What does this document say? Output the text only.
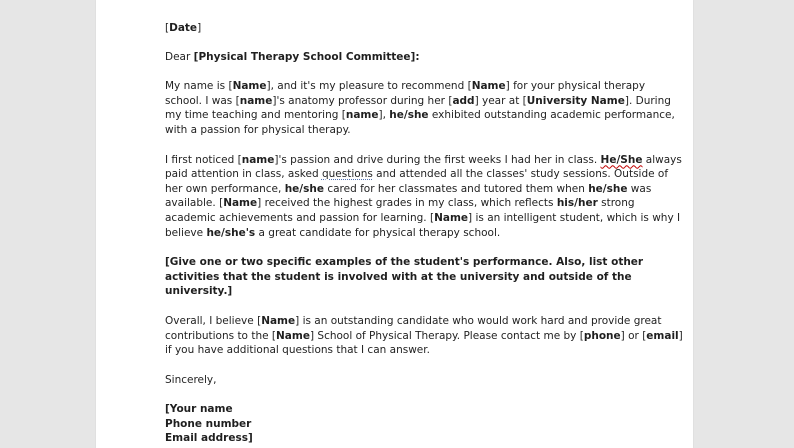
[Date]

Dear [Physical Therapy School Committee]:

My name is [Name], and it's my pleasure to recommend [Name] for your physical therapy school. I was [name]'s anatomy professor during her [add] year at [University Name]. During my time teaching and mentoring [name], he/she exhibited outstanding academic performance, with a passion for physical therapy.

I first noticed [name]'s passion and drive during the first weeks I had her in class. He/She always paid attention in class, asked questions and attended all the classes' study sessions. Outside of her own performance, he/she cared for her classmates and tutored them when he/she was available. [Name] received the highest grades in my class, which reflects his/her strong academic achievements and passion for learning. [Name] is an intelligent student, which is why I believe he/she's a great candidate for physical therapy school.

[Give one or two specific examples of the student's performance. Also, list other activities that the student is involved with at the university and outside of the university.]

Overall, I believe [Name] is an outstanding candidate who would work hard and provide great contributions to the [Name] School of Physical Therapy. Please contact me by [phone] or [email] if you have additional questions that I can answer.

Sincerely,

[Your name

Phone number

Email address]
